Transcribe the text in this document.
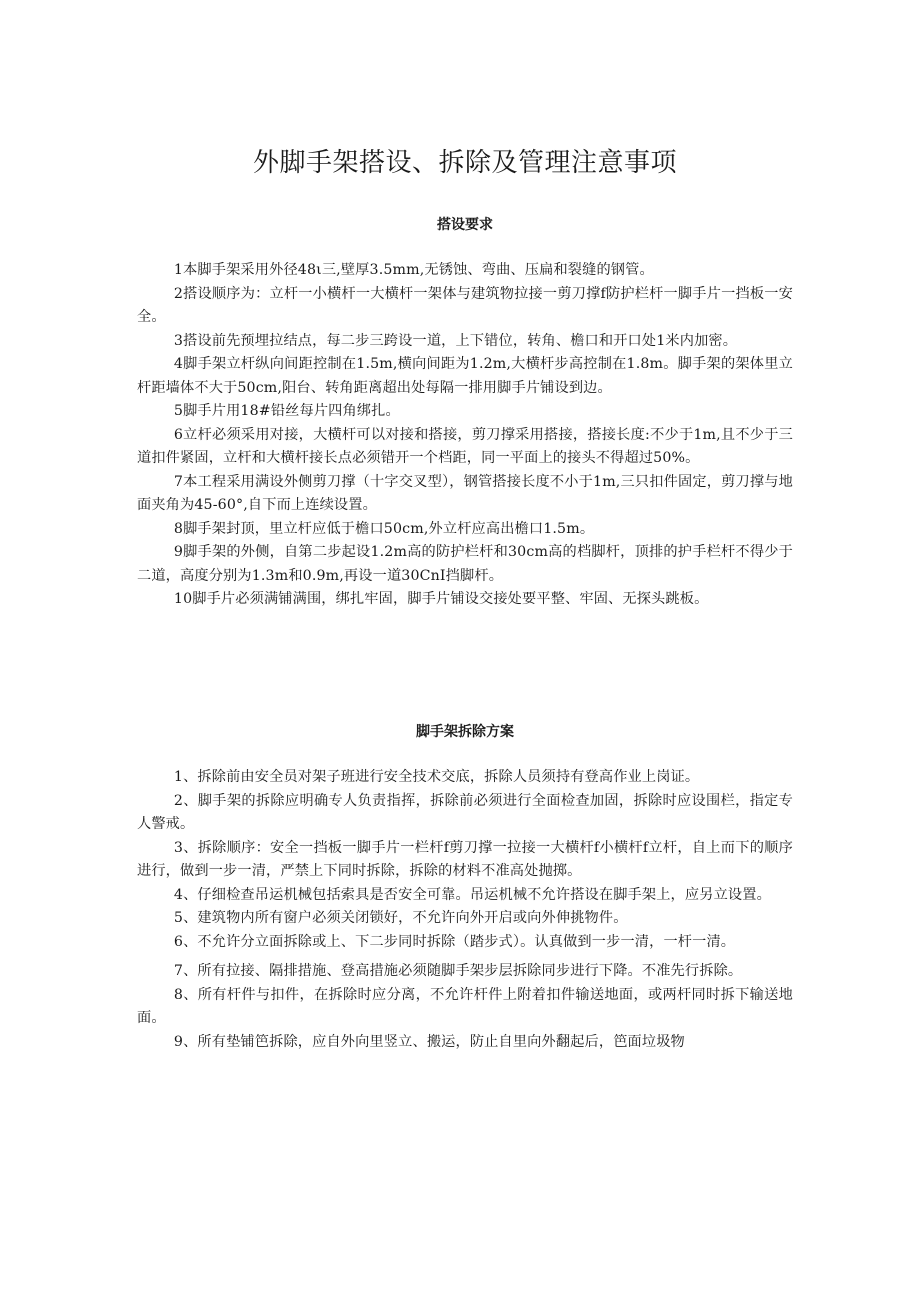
外脚手架搭设、拆除及管理注意事项
搭设要求

1本脚手架采用外径48ι三,壁厚3.5mm,无锈蚀、弯曲、压扁和裂缝的钢管。

2搭设顺序为：立杆一小横杆一大横杆一架体与建筑物拉接一剪刀撑f防护栏杆一脚手片一挡板一安全。

3搭设前先预埋拉结点，每二步三跨设一道，上下错位，转角、檐口和开口处1米内加密。

4脚手架立杆纵向间距控制在1.5m,横向间距为1.2m,大横杆步高控制在1.8m。脚手架的架体里立杆距墙体不大于50cm,阳台、转角距离超出处每隔一排用脚手片铺设到边。

5脚手片用18#铅丝每片四角绑扎。

6立杆必须采用对接，大横杆可以对接和搭接，剪刀撑采用搭接，搭接长度:不少于1m,且不少于三道扣件紧固，立杆和大横杆接长点必须错开一个档距，同一平面上的接头不得超过50%。

7本工程采用满设外侧剪刀撑（十字交叉型），钢管搭接长度不小于1m,三只扣件固定，剪刀撑与地面夹角为45-60°,自下而上连续设置。

8脚手架封顶，里立杆应低于檐口50cm,外立杆应高出檐口1.5m。

9脚手架的外侧，自第二步起设1.2m高的防护栏杆和30cm高的档脚杆，顶排的护手栏杆不得少于二道，高度分别为1.3m和0.9m,再设一道30CnI挡脚杆。

10脚手片必须满铺满围，绑扎牢固，脚手片铺设交接处要平整、牢固、无探头跳板。

脚手架拆除方案

1、拆除前由安全员对架子班进行安全技术交底，拆除人员须持有登高作业上岗证。

2、脚手架的拆除应明确专人负责指挥，拆除前必须进行全面检查加固，拆除时应设围栏，指定专人警戒。

3、拆除顺序：安全一挡板一脚手片一栏杆f剪刀撑一拉接一大横杆f小横杆f立杆，自上而下的顺序进行，做到一步一清，严禁上下同时拆除，拆除的材料不准高处抛掷。

4、仔细检查吊运机械包括索具是否安全可靠。吊运机械不允许搭设在脚手架上，应另立设置。

5、建筑物内所有窗户必须关闭锁好，不允许向外开启或向外伸挑物件。

6、不允许分立面拆除或上、下二步同时拆除（踏步式）。认真做到一步一清，一杆一清。

7、所有拉接、隔排措施、登高措施必须随脚手架步层拆除同步进行下降。不准先行拆除。

8、所有杆件与扣件，在拆除时应分离，不允许杆件上附着扣件输送地面，或两杆同时拆下输送地面。

9、所有垫铺笆拆除，应自外向里竖立、搬运，防止自里向外翻起后，笆面垃圾物
